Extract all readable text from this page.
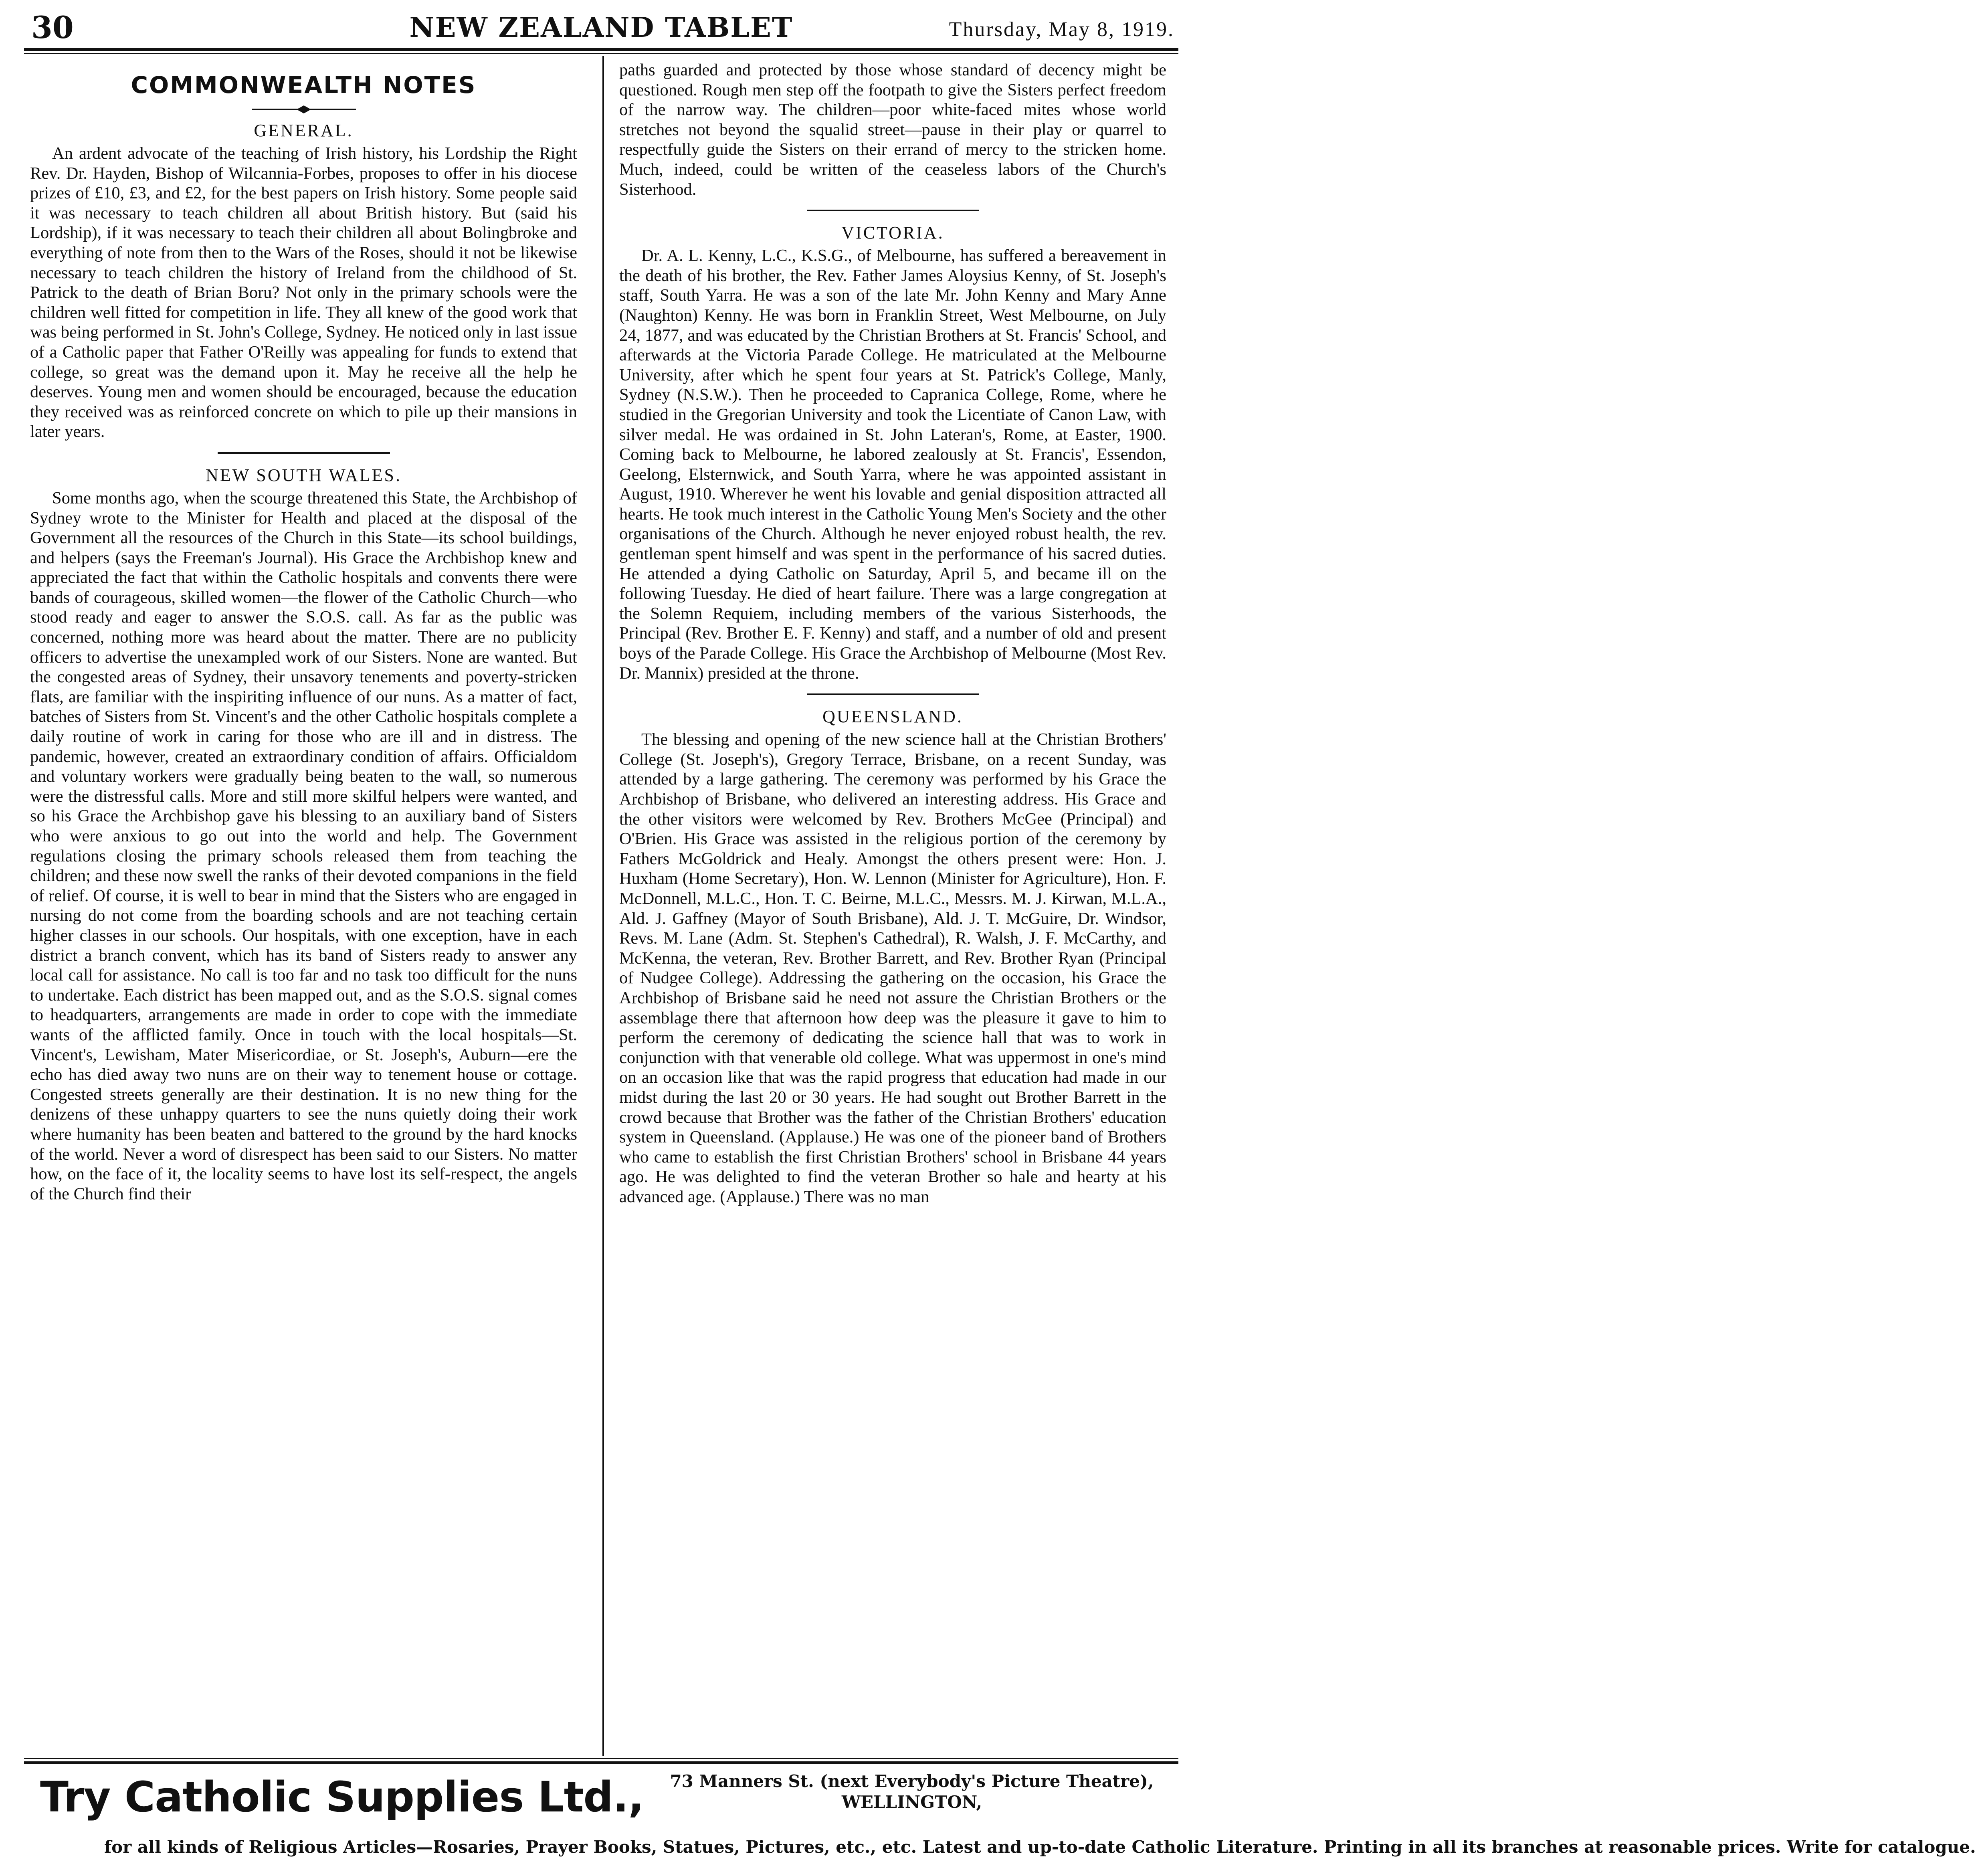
30	NEW ZEALAND TABLET	Thursday, May 8, 1919.
COMMONWEALTH NOTES
GENERAL.

An ardent advocate of the teaching of Irish history, his Lordship the Right Rev. Dr. Hayden, Bishop of Wilcannia-Forbes, proposes to offer in his diocese prizes of £10, £3, and £2, for the best papers on Irish history. Some people said it was necessary to teach children all about British history. But (said his Lordship), if it was necessary to teach their children all about Bolingbroke and everything of note from then to the Wars of the Roses, should it not be likewise necessary to teach children the history of Ireland from the childhood of St. Patrick to the death of Brian Boru? Not only in the primary schools were the children well fitted for competition in life. They all knew of the good work that was being performed in St. John's College, Sydney. He noticed only in last issue of a Catholic paper that Father O'Reilly was appealing for funds to extend that college, so great was the demand upon it. May he receive all the help he deserves. Young men and women should be encouraged, because the education they received was as reinforced concrete on which to pile up their mansions in later years.

NEW SOUTH WALES.

Some months ago, when the scourge threatened this State, the Archbishop of Sydney wrote to the Minister for Health and placed at the disposal of the Government all the resources of the Church in this State—its school buildings, and helpers (says the Freeman's Journal). His Grace the Archbishop knew and appreciated the fact that within the Catholic hospitals and convents there were bands of courageous, skilled women—the flower of the Catholic Church—who stood ready and eager to answer the S.O.S. call. As far as the public was concerned, nothing more was heard about the matter. There are no publicity officers to advertise the unexampled work of our Sisters. None are wanted. But the congested areas of Sydney, their unsavory tenements and poverty-stricken flats, are familiar with the inspiriting influence of our nuns. As a matter of fact, batches of Sisters from St. Vincent's and the other Catholic hospitals complete a daily routine of work in caring for those who are ill and in distress. The pandemic, however, created an extraordinary condition of affairs. Officialdom and voluntary workers were gradually being beaten to the wall, so numerous were the distressful calls. More and still more skilful helpers were wanted, and so his Grace the Archbishop gave his blessing to an auxiliary band of Sisters who were anxious to go out into the world and help. The Government regulations closing the primary schools released them from teaching the children; and these now swell the ranks of their devoted companions in the field of relief. Of course, it is well to bear in mind that the Sisters who are engaged in nursing do not come from the boarding schools and are not teaching certain higher classes in our schools. Our hospitals, with one exception, have in each district a branch convent, which has its band of Sisters ready to answer any local call for assistance. No call is too far and no task too difficult for the nuns to undertake. Each district has been mapped out, and as the S.O.S. signal comes to headquarters, arrangements are made in order to cope with the immediate wants of the afflicted family. Once in touch with the local hospitals—St. Vincent's, Lewisham, Mater Misericordiae, or St. Joseph's, Auburn—ere the echo has died away two nuns are on their way to tenement house or cottage. Congested streets generally are their destination. It is no new thing for the denizens of these unhappy quarters to see the nuns quietly doing their work where humanity has been beaten and battered to the ground by the hard knocks of the world. Never a word of disrespect has been said to our Sisters. No matter how, on the face of it, the locality seems to have lost its self-respect, the angels of the Church find their

paths guarded and protected by those whose standard of decency might be questioned. Rough men step off the footpath to give the Sisters perfect freedom of the narrow way. The children—poor white-faced mites whose world stretches not beyond the squalid street—pause in their play or quarrel to respectfully guide the Sisters on their errand of mercy to the stricken home. Much, indeed, could be written of the ceaseless labors of the Church's Sisterhood.

VICTORIA.

Dr. A. L. Kenny, L.C., K.S.G., of Melbourne, has suffered a bereavement in the death of his brother, the Rev. Father James Aloysius Kenny, of St. Joseph's staff, South Yarra. He was a son of the late Mr. John Kenny and Mary Anne (Naughton) Kenny. He was born in Franklin Street, West Melbourne, on July 24, 1877, and was educated by the Christian Brothers at St. Francis' School, and afterwards at the Victoria Parade College. He matriculated at the Melbourne University, after which he spent four years at St. Patrick's College, Manly, Sydney (N.S.W.). Then he proceeded to Capranica College, Rome, where he studied in the Gregorian University and took the Licentiate of Canon Law, with silver medal. He was ordained in St. John Lateran's, Rome, at Easter, 1900. Coming back to Melbourne, he labored zealously at St. Francis', Essendon, Geelong, Elsternwick, and South Yarra, where he was appointed assistant in August, 1910. Wherever he went his lovable and genial disposition attracted all hearts. He took much interest in the Catholic Young Men's Society and the other organisations of the Church. Although he never enjoyed robust health, the rev. gentleman spent himself and was spent in the performance of his sacred duties. He attended a dying Catholic on Saturday, April 5, and became ill on the following Tuesday. He died of heart failure. There was a large congregation at the Solemn Requiem, including members of the various Sisterhoods, the Principal (Rev. Brother E. F. Kenny) and staff, and a number of old and present boys of the Parade College. His Grace the Archbishop of Melbourne (Most Rev. Dr. Mannix) presided at the throne.

QUEENSLAND.

The blessing and opening of the new science hall at the Christian Brothers' College (St. Joseph's), Gregory Terrace, Brisbane, on a recent Sunday, was attended by a large gathering. The ceremony was performed by his Grace the Archbishop of Brisbane, who delivered an interesting address. His Grace and the other visitors were welcomed by Rev. Brothers McGee (Principal) and O'Brien. His Grace was assisted in the religious portion of the ceremony by Fathers McGoldrick and Healy. Amongst the others present were: Hon. J. Huxham (Home Secretary), Hon. W. Lennon (Minister for Agriculture), Hon. F. McDonnell, M.L.C., Hon. T. C. Beirne, M.L.C., Messrs. M. J. Kirwan, M.L.A., Ald. J. Gaffney (Mayor of South Brisbane), Ald. J. T. McGuire, Dr. Windsor, Revs. M. Lane (Adm. St. Stephen's Cathedral), R. Walsh, J. F. McCarthy, and McKenna, the veteran, Rev. Brother Barrett, and Rev. Brother Ryan (Principal of Nudgee College). Addressing the gathering on the occasion, his Grace the Archbishop of Brisbane said he need not assure the Christian Brothers or the assemblage there that afternoon how deep was the pleasure it gave to him to perform the ceremony of dedicating the science hall that was to work in conjunction with that venerable old college. What was uppermost in one's mind on an occasion like that was the rapid progress that education had made in our midst during the last 20 or 30 years. He had sought out Brother Barrett in the crowd because that Brother was the father of the Christian Brothers' education system in Queensland. (Applause.) He was one of the pioneer band of Brothers who came to establish the first Christian Brothers' school in Brisbane 44 years ago. He was delighted to find the veteran Brother so hale and hearty at his advanced age. (Applause.) There was no man

Try Catholic Supplies Ltd.,	73 Manners St. (next Everybody's Picture Theatre),
WELLINGTON,
for all kinds of Religious Articles—Rosaries, Prayer Books, Statues, Pictures, etc., etc. Latest and up-to-date Catholic Literature. Printing in all its branches at reasonable prices. Write for catalogue.
